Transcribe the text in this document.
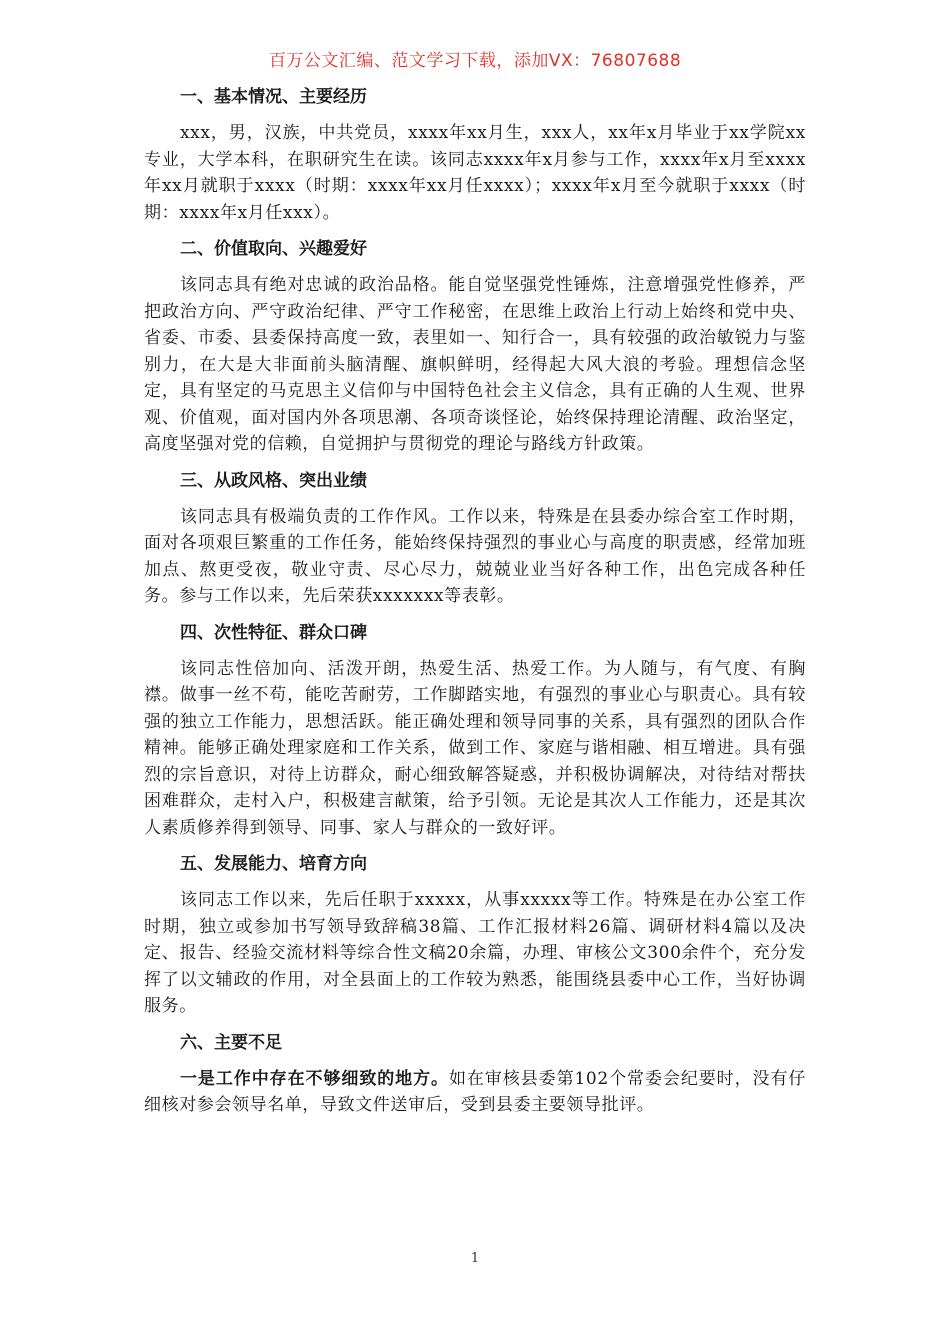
百万公文汇编、范文学习下载，添加VX：76807688
一、基本情况、主要经历
xxx，男，汉族，中共党员，xxxx年xx月生，xxx人，xx年x月毕业于xx学院xx专业，大学本科，在职研究生在读。该同志xxxx年x月参与工作，xxxx年x月至xxxx年xx月就职于xxxx（时期：xxxx年xx月任xxxx）；xxxx年x月至今就职于xxxx（时期：xxxx年x月任xxx）。
二、价值取向、兴趣爱好
该同志具有绝对忠诚的政治品格。能自觉坚强党性锤炼，注意增强党性修养，严把政治方向、严守政治纪律、严守工作秘密，在思维上政治上行动上始终和党中央、省委、市委、县委保持高度一致，表里如一、知行合一，具有较强的政治敏锐力与鉴别力，在大是大非面前头脑清醒、旗帜鲜明，经得起大风大浪的考验。理想信念坚定，具有坚定的马克思主义信仰与中国特色社会主义信念，具有正确的人生观、世界观、价值观，面对国内外各项思潮、各项奇谈怪论，始终保持理论清醒、政治坚定，高度坚强对党的信赖，自觉拥护与贯彻党的理论与路线方针政策。
三、从政风格、突出业绩
该同志具有极端负责的工作作风。工作以来，特殊是在县委办综合室工作时期，面对各项艰巨繁重的工作任务，能始终保持强烈的事业心与高度的职责感，经常加班加点、熬更受夜，敬业守责、尽心尽力，兢兢业业当好各种工作，出色完成各种任务。参与工作以来，先后荣获xxxxxxx等表彰。
四、次性特征、群众口碑
该同志性倍加向、活泼开朗，热爱生活、热爱工作。为人随与，有气度、有胸襟。做事一丝不苟，能吃苦耐劳，工作脚踏实地，有强烈的事业心与职责心。具有较强的独立工作能力，思想活跃。能正确处理和领导同事的关系，具有强烈的团队合作精神。能够正确处理家庭和工作关系，做到工作、家庭与谐相融、相互增进。具有强烈的宗旨意识，对待上访群众，耐心细致解答疑惑，并积极协调解决，对待结对帮扶困难群众，走村入户，积极建言献策，给予引领。无论是其次人工作能力，还是其次人素质修养得到领导、同事、家人与群众的一致好评。
五、发展能力、培育方向
该同志工作以来，先后任职于xxxxx，从事xxxxx等工作。特殊是在办公室工作时期，独立或参加书写领导致辞稿38篇、工作汇报材料26篇、调研材料4篇以及决定、报告、经验交流材料等综合性文稿20余篇，办理、审核公文300余件个，充分发挥了以文辅政的作用，对全县面上的工作较为熟悉，能围绕县委中心工作，当好协调服务。
六、主要不足
一是工作中存在不够细致的地方。如在审核县委第102个常委会纪要时，没有仔细核对参会领导名单，导致文件送审后，受到县委主要领导批评。
1
